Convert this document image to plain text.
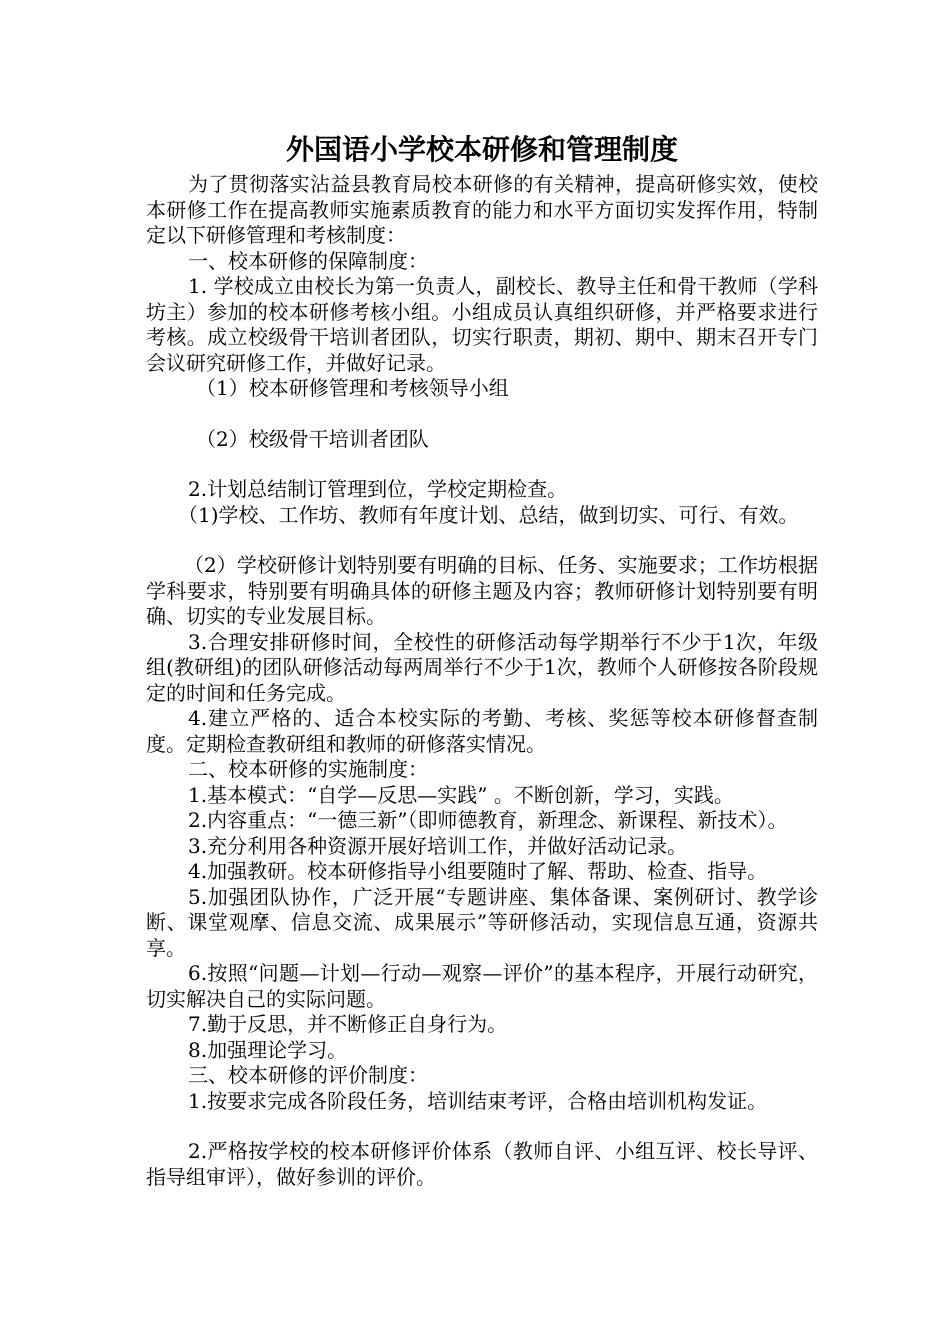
外国语小学校本研修和管理制度

为了贯彻落实沾益县教育局校本研修的有关精神，提高研修实效，使校本研修工作在提高教师实施素质教育的能力和水平方面切实发挥作用，特制定以下研修管理和考核制度：

一、校本研修的保障制度：

1. 学校成立由校长为第一负责人，副校长、教导主任和骨干教师（学科坊主）参加的校本研修考核小组。小组成员认真组织研修，并严格要求进行考核。成立校级骨干培训者团队，切实行职责，期初、期中、期末召开专门会议研究研修工作，并做好记录。

（1）校本研修管理和考核领导小组

（2）校级骨干培训者团队

2.计划总结制订管理到位，学校定期检查。

（1)学校、工作坊、教师有年度计划、总结，做到切实、可行、有效。

（2）学校研修计划特别要有明确的目标、任务、实施要求；工作坊根据学科要求，特别要有明确具体的研修主题及内容；教师研修计划特别要有明确、切实的专业发展目标。

3.合理安排研修时间，全校性的研修活动每学期举行不少于1次，年级组(教研组)的团队研修活动每两周举行不少于1次，教师个人研修按各阶段规定的时间和任务完成。

4.建立严格的、适合本校实际的考勤、考核、奖惩等校本研修督查制度。定期检查教研组和教师的研修落实情况。

二、校本研修的实施制度：

1.基本模式：“自学—反思—实践” 。不断创新，学习，实践。

2.内容重点：“一德三新”（即师德教育，新理念、新课程、新技术）。

3.充分利用各种资源开展好培训工作，并做好活动记录。

4.加强教研。校本研修指导小组要随时了解、帮助、检查、指导。

5.加强团队协作，广泛开展“专题讲座、集体备课、案例研讨、教学诊断、课堂观摩、信息交流、成果展示”等研修活动，实现信息互通，资源共享。

6.按照“问题—计划—行动—观察—评价”的基本程序，开展行动研究，切实解决自己的实际问题。

7.勤于反思，并不断修正自身行为。

8.加强理论学习。

三、校本研修的评价制度：

1.按要求完成各阶段任务，培训结束考评，合格由培训机构发证。

2.严格按学校的校本研修评价体系（教师自评、小组互评、校长导评、指导组审评），做好参训的评价。
